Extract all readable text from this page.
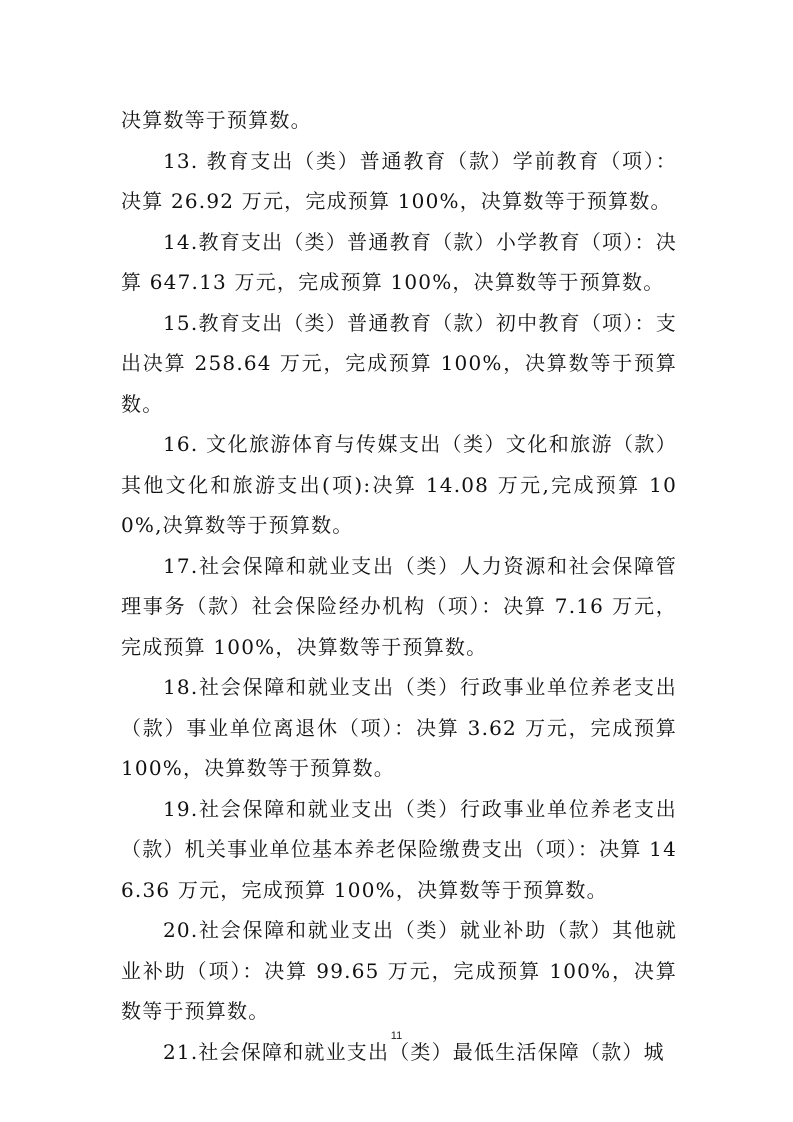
决算数等于预算数。

13. 教育支出（类）普通教育（款）学前教育（项）：决算 26.92 万元，完成预算 100%，决算数等于预算数。

14.教育支出（类）普通教育（款）小学教育（项）：决算 647.13 万元，完成预算 100%，决算数等于预算数。

15.教育支出（类）普通教育（款）初中教育（项）：支出决算 258.64 万元，完成预算 100%，决算数等于预算数。

16. 文化旅游体育与传媒支出（类）文化和旅游（款）其他文化和旅游支出(项):决算 14.08 万元,完成预算 100%,决算数等于预算数。

17.社会保障和就业支出（类）人力资源和社会保障管理事务（款）社会保险经办机构（项）：决算 7.16 万元，完成预算 100%，决算数等于预算数。

18.社会保障和就业支出（类）行政事业单位养老支出（款）事业单位离退休（项）：决算 3.62 万元，完成预算 100%，决算数等于预算数。

19.社会保障和就业支出（类）行政事业单位养老支出（款）机关事业单位基本养老保险缴费支出（项）：决算 146.36 万元，完成预算 100%，决算数等于预算数。

20.社会保障和就业支出（类）就业补助（款）其他就业补助（项）：决算 99.65 万元，完成预算 100%，决算数等于预算数。

21.社会保障和就业支出（类）最低生活保障（款）城

11
